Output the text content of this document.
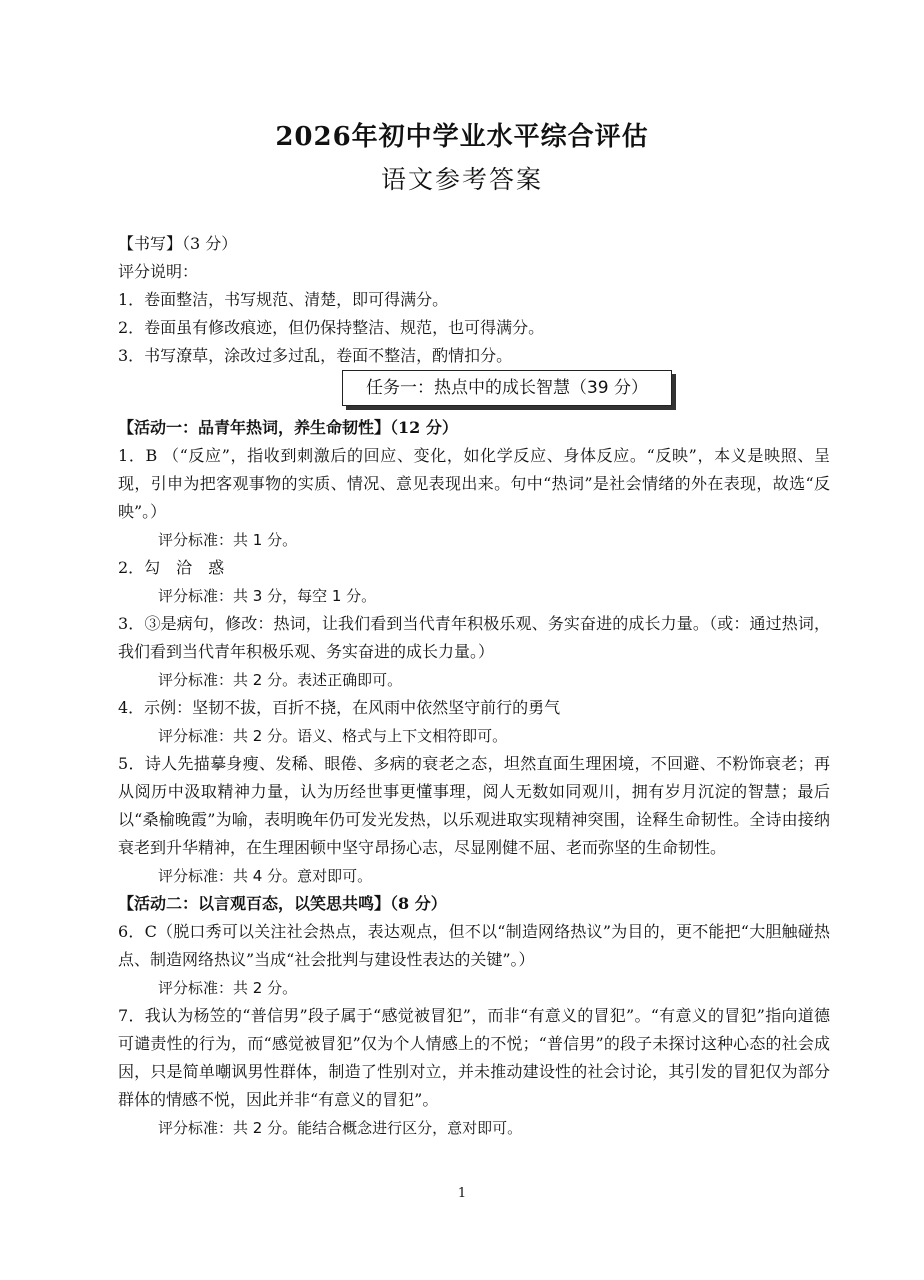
2026年初中学业水平综合评估
语文参考答案
【书写】（3 分）
评分说明：
1．卷面整洁，书写规范、清楚，即可得满分。
2．卷面虽有修改痕迹，但仍保持整洁、规范，也可得满分。
3．书写潦草，涂改过多过乱，卷面不整洁，酌情扣分。
任务一：热点中的成长智慧（39 分）
【活动一：品青年热词，养生命韧性】（12 分）
1．B （“反应”，指收到刺激后的回应、变化，如化学反应、身体反应。“反映”，本义是映照、呈现，引申为把客观事物的实质、情况、意见表现出来。句中“热词”是社会情绪的外在表现，故选“反映”。）
评分标准：共 1 分。
2．勾　洽　惑
评分标准：共 3 分，每空 1 分。
3．③是病句，修改：热词，让我们看到当代青年积极乐观、务实奋进的成长力量。（或：通过热词，我们看到当代青年积极乐观、务实奋进的成长力量。）
评分标准：共 2 分。表述正确即可。
4．示例：坚韧不拔，百折不挠，在风雨中依然坚守前行的勇气
评分标准：共 2 分。语义、格式与上下文相符即可。
5．诗人先描摹身瘦、发稀、眼倦、多病的衰老之态，坦然直面生理困境，不回避、不粉饰衰老；再从阅历中汲取精神力量，认为历经世事更懂事理，阅人无数如同观川，拥有岁月沉淀的智慧；最后以“桑榆晚霞”为喻，表明晚年仍可发光发热，以乐观进取实现精神突围，诠释生命韧性。全诗由接纳衰老到升华精神，在生理困顿中坚守昂扬心志，尽显刚健不屈、老而弥坚的生命韧性。
评分标准：共 4 分。意对即可。
【活动二：以言观百态，以笑思共鸣】（8 分）
6．C（脱口秀可以关注社会热点，表达观点，但不以“制造网络热议”为目的，更不能把“大胆触碰热点、制造网络热议”当成“社会批判与建设性表达的关键”。）
评分标准：共 2 分。
7．我认为杨笠的“普信男”段子属于“感觉被冒犯”，而非“有意义的冒犯”。“有意义的冒犯”指向道德可谴责性的行为，而“感觉被冒犯”仅为个人情感上的不悦；“普信男”的段子未探讨这种心态的社会成因，只是简单嘲讽男性群体，制造了性别对立，并未推动建设性的社会讨论，其引发的冒犯仅为部分群体的情感不悦，因此并非“有意义的冒犯”。
评分标准：共 2 分。能结合概念进行区分，意对即可。
1
